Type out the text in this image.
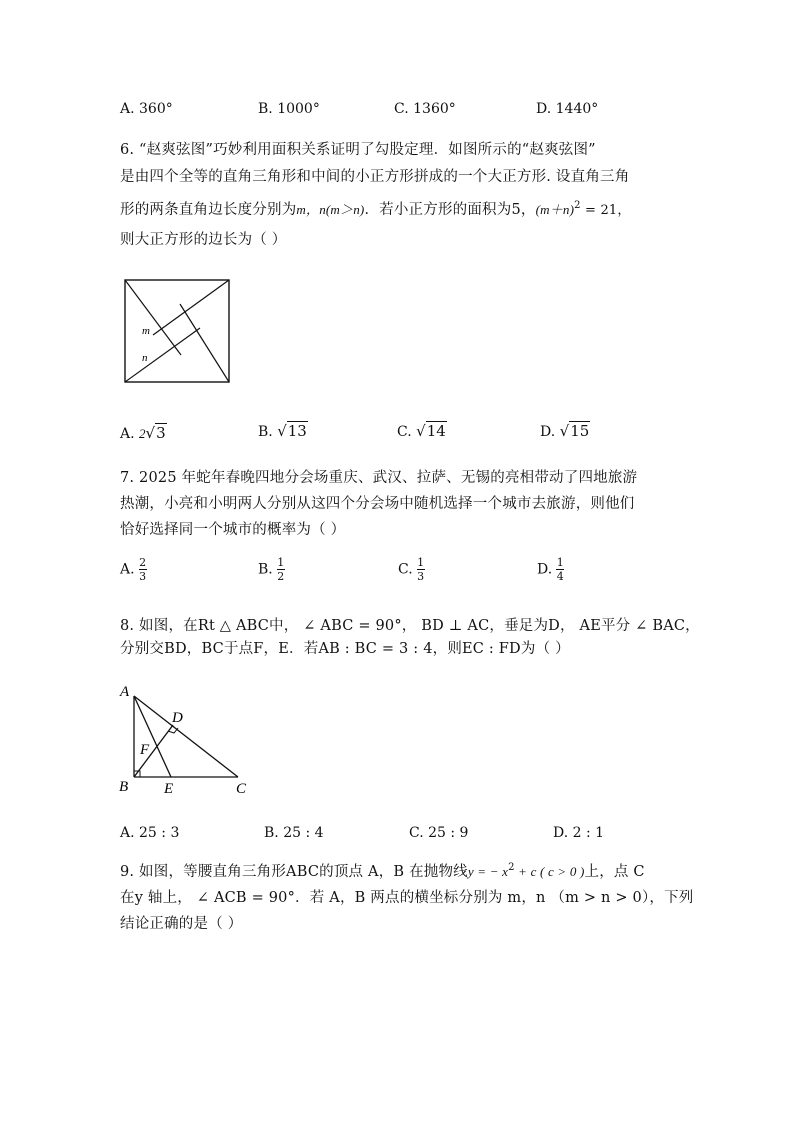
A. 360°	B. 1000°	C. 1360°	D. 1440°
6. “赵爽弦图”巧妙利用面积关系证明了勾股定理．如图所示的“赵爽弦图”
是由四个全等的直角三角形和中间的小正方形拼成的一个大正方形. 设直角三角
形的两条直角边长度分别为m，n(m＞n)．若小正方形的面积为5，$(m+n)^2 = 21$，
则大正方形的边长为（ ）
m
n
A. 2√3	B. √13	C. √14	D. √15
7. 2025 年蛇年春晚四地分会场重庆、武汉、拉萨、无锡的亮相带动了四地旅游
热潮，小亮和小明两人分别从这四个分会场中随机选择一个城市去旅游，则他们
恰好选择同一个城市的概率为（ ）
A. $\frac{2}{3}$	B. $\frac{1}{2}$	C. $\frac{1}{3}$	D. $\frac{1}{4}$
8. 如图，在Rt △ ABC中， ∠ ABC = 90°， BD ⊥ AC，垂足为D， AE平分 ∠ BAC，
分别交BD，BC于点F，E．若AB : BC = 3 : 4，则EC : FD为（ ）
A
D
F
B E	C
A. 25 : 3	B. 25 : 4	C. 25 : 9	D. 2 : 1
9. 如图，等腰直角三角形ABC的顶点 A，B 在抛物线y = − $x^2 + c$ ( c > 0 )上，点 C
在y 轴上， ∠ ACB = 90°．若 A，B 两点的横坐标分别为 m，n （m > n > 0），下列
结论正确的是（ ）
